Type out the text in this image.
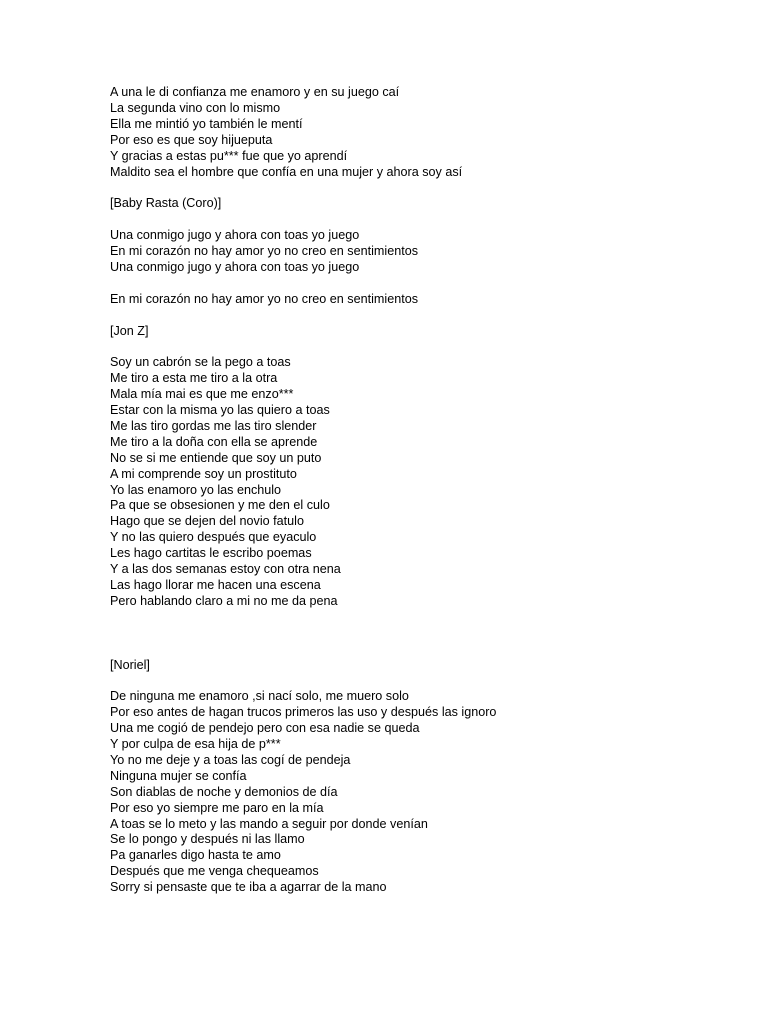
A una le di confianza me enamoro y en su juego caí
La segunda vino con lo mismo
Ella me mintió yo también le mentí
Por eso es que soy hijueputa
Y gracias a estas pu*** fue que yo aprendí
Maldito sea el hombre que confía en una mujer y ahora soy así
[Baby Rasta (Coro)]
Una conmigo jugo y ahora con toas yo juego
En mi corazón no hay amor yo no creo en sentimientos
Una conmigo jugo y ahora con toas yo juego
En mi corazón no hay amor yo no creo en sentimientos
[Jon Z]
Soy un cabrón se la pego a toas
Me tiro a esta me tiro a la otra
Mala mía mai es que me enzo***
Estar con la misma yo las quiero a toas
Me las tiro gordas me las tiro slender
Me tiro a la doña con ella se aprende
No se si me entiende que soy un puto
A mi comprende soy un prostituto
Yo las enamoro yo las enchulo
Pa que se obsesionen y me den el culo
Hago que se dejen del novio fatulo
Y no las quiero después que eyaculo
Les hago cartitas le escribo poemas
Y a las dos semanas estoy con otra nena
Las hago llorar me hacen una escena
Pero hablando claro a mi no me da pena
[Noriel]
De ninguna me enamoro ,si nací solo, me muero solo
Por eso antes de hagan trucos primeros las uso y después las ignoro
Una me cogió de pendejo pero con esa nadie se queda
Y por culpa de esa hija de p***
Yo no me deje y a toas las cogí de pendeja
Ninguna mujer se confía
Son diablas de noche y demonios de día
Por eso yo siempre me paro en la mía
A toas se lo meto y las mando a seguir por donde venían
Se lo pongo y después ni las llamo
Pa ganarles digo hasta te amo
Después que me venga chequeamos
Sorry si pensaste que te iba a agarrar de la mano
